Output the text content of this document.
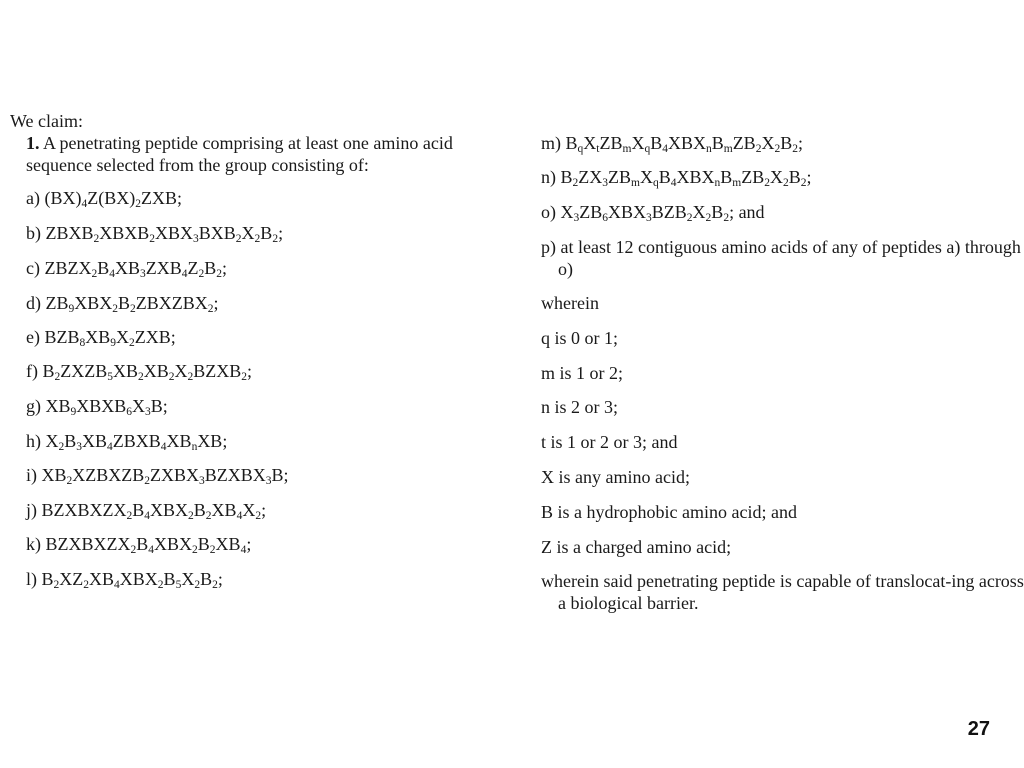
We claim:
1. A penetrating peptide comprising at least one amino acid sequence selected from the group consisting of:
a) (BX)4Z(BX)2ZXB;
b) ZBXB2XBXB2XBX3BXB2X2B2;
c) ZBZX2B4XB3ZXB4Z2B2;
d) ZB9XBX2B2ZBXZBX2;
e) BZB8XB9X2ZXB;
f) B2ZXZB5XB2XB2X2BZXB2;
g) XB9XBXB6X3B;
h) X2B3XB4ZBXB4XBnXB;
i) XB2XZBXZB2ZXBX3BZXBX3B;
j) BZXBXZX2B4XBX2B2XB4X2;
k) BZXBXZX2B4XBX2B2XB4;
l) B2XZ2XB4XBX2B5X2B2;
m) BqXtZBmXqB4XBXnBmZB2X2B2;
n) B2ZX3ZBmXqB4XBXnBmZB2X2B2;
o) X3ZB6XBX3BZB2X2B2; and
p) at least 12 contiguous amino acids of any of peptides a) through o)
wherein
q is 0 or 1;
m is 1 or 2;
n is 2 or 3;
t is 1 or 2 or 3; and
X is any amino acid;
B is a hydrophobic amino acid; and
Z is a charged amino acid;
wherein said penetrating peptide is capable of translocat-ing across a biological barrier.
27
